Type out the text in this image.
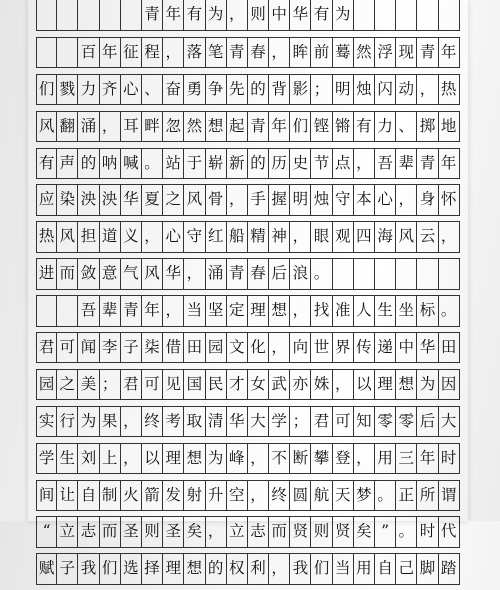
青 年 有 为 ， 则 中 华 有 为
百 年 征 程 ， 落 笔 青 春 ， 眸 前 蓦 然 浮 现 青 年
们 戮 力 齐 心 、 奋 勇 争 先 的 背 影 ； 明 烛 闪 动 ， 热
风 翻 涌 ， 耳 畔 忽 然 想 起 青 年 们 铿 锵 有 力 、 掷 地
有 声 的 呐 喊 。 站 于 崭 新 的 历 史 节 点 ， 吾 辈 青 年
应 染 泱 泱 华 夏 之 风 骨 ， 手 握 明 烛 守 本 心 ， 身 怀
热 风 担 道 义 ， 心 守 红 船 精 神 ， 眼 观 四 海 风 云 ，
进 而 敛 意 气 风 华 ， 涌 青 春 后 浪 。
吾 辈 青 年 ， 当 坚 定 理 想 ， 找 准 人 生 坐 标 。
君 可 闻 李 子 柒 借 田 园 文 化 ， 向 世 界 传 递 中 华 田
园 之 美 ； 君 可 见 国 民 才 女 武 亦 姝 ， 以 理 想 为 因
实 行 为 果 ， 终 考 取 清 华 大 学 ； 君 可 知 零 零 后 大
学 生 刘 上 ， 以 理 想 为 峰 ， 不 断 攀 登 ， 用 三 年 时
间 让 自 制 火 箭 发 射 升 空 ， 终 圆 航 天 梦 。 正 所 谓
“ 立 志 而 圣 则 圣 矣 ， 立 志 而 贤 则 贤 矣 ” 。 时 代
赋 子 我 们 选 择 理 想 的 权 利 ， 我 们 当 用 自 己 脚 踏
